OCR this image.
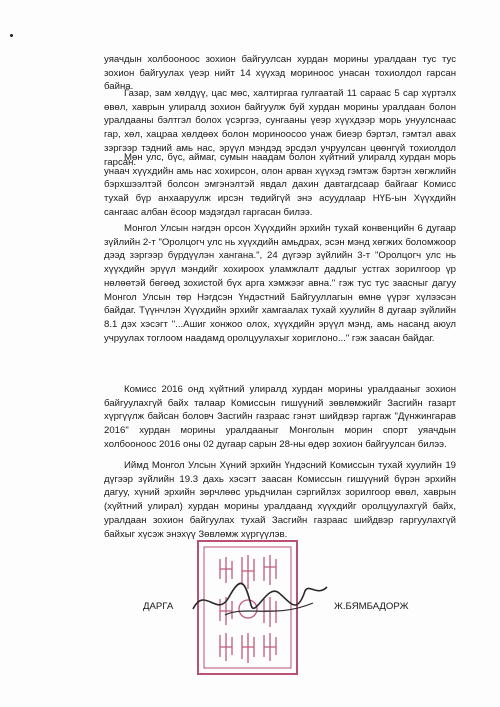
уяачдын холбоонооc зохион байгуулсан хурдан морины уралдаан тус тус зохион байгуулах үеэр нийт 14 хүүхэд мориноос унасан тохиолдол гарсан байна.

Газар, зам хөлдүү, цас мөс, халтиргаа гулгаатай 11 сараас 5 сар хүртэлх өвөл, хаврын улиралд зохион байгуулж буй хурдан морины уралдаан болон уралдааны бэлтгэл болох үсэргээ, сунгааны үеэр хүүхдээр морь унуулснаас гар, хөл, хацраа хөлдөөх болон мориноосоо унаж биеэр бэртэл, гэмтэл авах зэргээр тэдний амь нас, эрүүл мэндэд эрсдэл учруулсан цөөнгүй тохиолдол гарсан.

Мөн улс, бүс, аймаг, сумын наадам болон хүйтний улиралд хурдан морь унаач хүүхдийн амь нас хохирсон, олон арван хүүхэд гэмтэж бэртэн хөгжлийн бэрхшээлтэй болсон эмгэнэлтэй явдал дахин давтагдсаар байгааг Комисс тухай бүр анхааруулж ирсэн төдийгүй энэ асуудлаар НҮБ-ын Хүүхдийн сангаас албан ёсоор мэдэгдэл гаргасан билээ.

Монгол Улсын нэгдэн орсон Хүүхдийн эрхийн тухай конвенцийн 6 дугаар зүйлийн 2-т "Оролцогч улс нь хүүхдийн амьдрах, эсэн мэнд хөгжих боломжоор дээд зэргээр бүрдүүлэн хангана.", 24 дүгээр зүйлийн 3-т "Оролцогч улс нь хүүхдийн эрүүл мэндийг хохироох уламжлалт дадлыг устгах зорилгоор үр нөлөөтэй бөгөөд зохистой бүх арга хэмжээг авна." гэж тус тус заасныг дагуу Монгол Улсын төр Нэгдсэн Үндэстний Байгууллагын өмнө үүрэг хүлээсэн байдаг. Түүнчлэн Хүүхдийн эрхийг хамгаалах тухай хуулийн 8 дугаар зүйлийн 8.1 дэх хэсэгт "...Ашиг хонжоо олох, хүүхдийн эрүүл мэнд, амь насанд аюул учруулах тоглоом наадамд оролцуулахыг хориглоно..." гэж заасан байдаг.

Комисс 2016 онд хүйтний улиралд хурдан морины уралдааныг зохион байгуулахгүй байх талаар Комиссын гишүүний зөвлөмжийг Засгийн газарт хүргүүлж байсан боловч Засгийн газраас гэнэт шийдвэр гаргаж "Дүнжингарав 2016" хурдан морины уралдааныг Монголын морин спорт уяачдын холбоонооc 2016 оны 02 дугаар сарын 28-ны өдөр зохион байгуулсан билээ.

Иймд Монгол Улсын Хүний эрхийн Үндэсний Комиссын тухай хуулийн 19 дүгээр зүйлийн 19.3 дахь хэсэгт заасан Комиссын гишүүний бүрэн эрхийн дагуу, хүний эрхийн зөрчлөөс урьдчилан сэргийлэх зорилгоор өвөл, хаврын (хүйтний улирал) хурдан морины уралдаанд хүүхдийг оролцуулахгүй байх, уралдаан зохион байгуулах тухай Засгийн газраас шийдвэр гаргуулахгүй байхыг хүсэж энэхүү Зөвлөмж хүргүүлэв.

ДАРГА	Ж.БЯМБАДОРЖ
